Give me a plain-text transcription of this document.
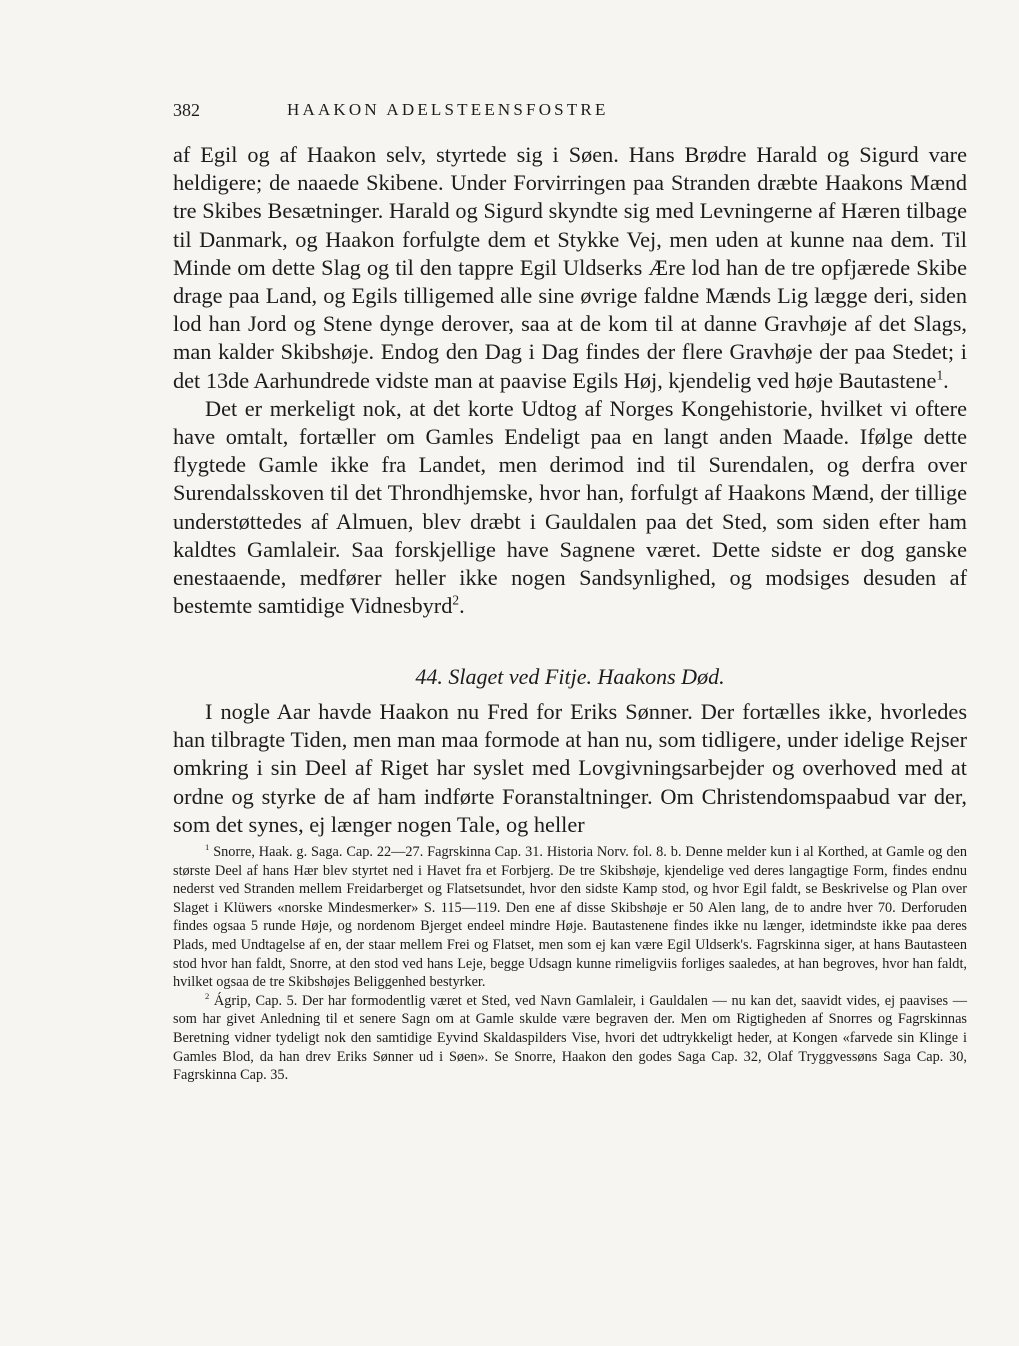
382	HAAKON ADELSTEENSFOSTRE

af Egil og af Haakon selv, styrtede sig i Søen. Hans Brødre Harald og Sigurd vare heldigere; de naaede Skibene. Under Forvirringen paa Stranden dræbte Haakons Mænd tre Skibes Besætninger. Harald og Sigurd skyndte sig med Levningerne af Hæren tilbage til Danmark, og Haakon forfulgte dem et Stykke Vej, men uden at kunne naa dem. Til Minde om dette Slag og til den tappre Egil Uldserks Ære lod han de tre opfjærede Skibe drage paa Land, og Egils tilligemed alle sine øvrige faldne Mænds Lig lægge deri, siden lod han Jord og Stene dynge derover, saa at de kom til at danne Gravhøje af det Slags, man kalder Skibshøje. Endog den Dag i Dag findes der flere Gravhøje der paa Stedet; i det 13de Aarhundrede vidste man at paavise Egils Høj, kjendelig ved høje Bautastene$^1$.

Det er merkeligt nok, at det korte Udtog af Norges Kongehistorie, hvilket vi oftere have omtalt, fortæller om Gamles Endeligt paa en langt anden Maade. Ifølge dette flygtede Gamle ikke fra Landet, men derimod ind til Surendalen, og derfra over Surendalsskoven til det Throndhjemske, hvor han, forfulgt af Haakons Mænd, der tillige understøttedes af Almuen, blev dræbt i Gauldalen paa det Sted, som siden efter ham kaldtes Gamlaleir. Saa forskjellige have Sagnene været. Dette sidste er dog ganske enestaaende, medfører heller ikke nogen Sandsynlighed, og modsiges desuden af bestemte samtidige Vidnesbyrd$^2$.

44. Slaget ved Fitje. Haakons Død.

I nogle Aar havde Haakon nu Fred for Eriks Sønner. Der fortælles ikke, hvorledes han tilbragte Tiden, men man maa formode at han nu, som tidligere, under idelige Rejser omkring i sin Deel af Riget har syslet med Lovgivningsarbejder og overhoved med at ordne og styrke de af ham indførte Foranstaltninger. Om Christendomspaabud var der, som det synes, ej længer nogen Tale, og heller

$^1$ Snorre, Haak. g. Saga. Cap. 22—27. Fagrskinna Cap. 31. Historia Norv. fol. 8. b. Denne melder kun i al Korthed, at Gamle og den største Deel af hans Hær blev styrtet ned i Havet fra et Forbjerg. De tre Skibshøje, kjendelige ved deres langagtige Form, findes endnu nederst ved Stranden mellem Freidarberget og Flatsetsundet, hvor den sidste Kamp stod, og hvor Egil faldt, se Beskrivelse og Plan over Slaget i Klüwers «norske Mindesmerker» S. 115—119. Den ene af disse Skibshøje er 50 Alen lang, de to andre hver 70. Derforuden findes ogsaa 5 runde Høje, og nordenom Bjerget endeel mindre Høje. Bautastenene findes ikke nu længer, idetmindste ikke paa deres Plads, med Undtagelse af en, der staar mellem Frei og Flatset, men som ej kan være Egil Uldserk's. Fagrskinna siger, at hans Bautasteen stod hvor han faldt, Snorre, at den stod ved hans Leje, begge Udsagn kunne rimeligviis forliges saaledes, at han begroves, hvor han faldt, hvilket ogsaa de tre Skibshøjes Beliggenhed bestyrker.

$^2$ Ágrip, Cap. 5. Der har formodentlig været et Sted, ved Navn Gamlaleir, i Gauldalen — nu kan det, saavidt vides, ej paavises — som har givet Anledning til et senere Sagn om at Gamle skulde være begraven der. Men om Rigtigheden af Snorres og Fagrskinnas Beretning vidner tydeligt nok den samtidige Eyvind Skaldaspilders Vise, hvori det udtrykkeligt heder, at Kongen «farvede sin Klinge i Gamles Blod, da han drev Eriks Sønner ud i Søen». Se Snorre, Haakon den godes Saga Cap. 32, Olaf Tryggvessøns Saga Cap. 30, Fagrskinna Cap. 35.
